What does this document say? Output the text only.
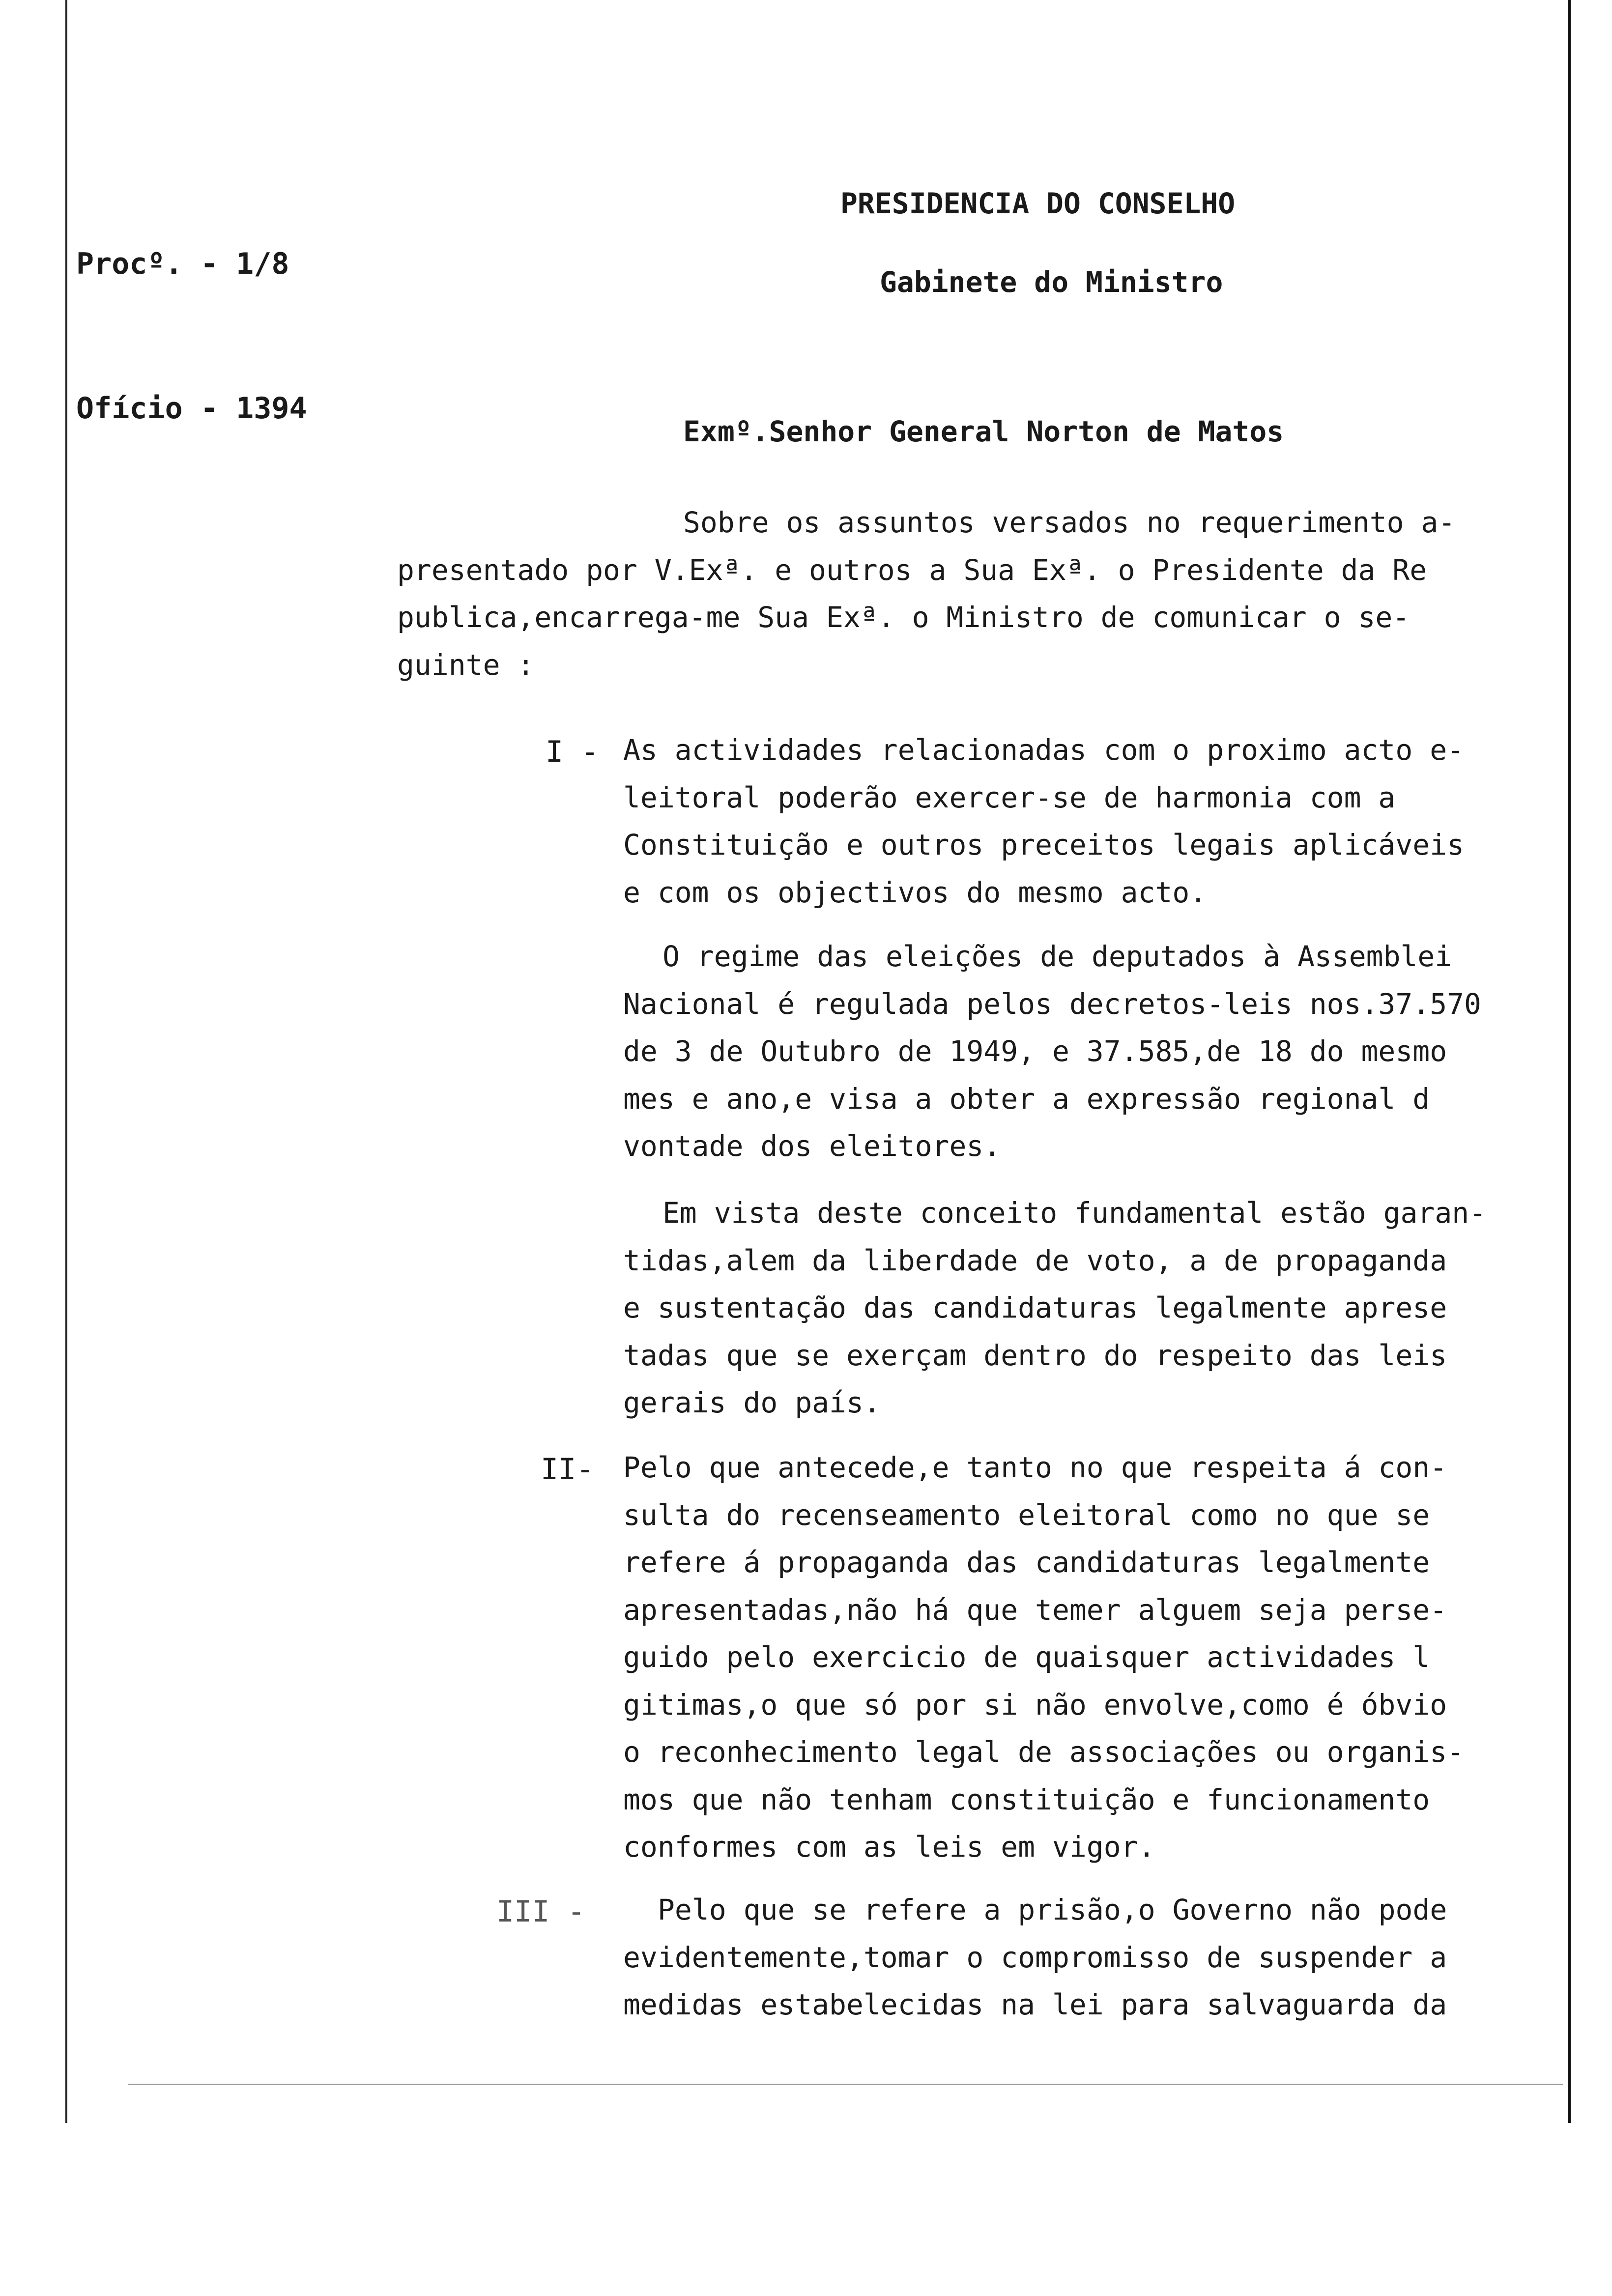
Procº. - 1/8

Ofício - 1394

PRESIDENCIA DO CONSELHO
Gabinete do Ministro
Exmº.Senhor General Norton de Matos
Sobre os assuntos versados no requerimento a-
presentado por V.Exª. e outros a Sua Exª. o Presidente da Re
publica,encarrega-me Sua Exª. o Ministro de comunicar o se-
guinte :
I - As actividades relacionadas com o proximo acto e-
leitoral poderão exercer-se de harmonia com a
Constituição e outros preceitos legais aplicáveis
e com os objectivos do mesmo acto.
O regime das eleições de deputados à Assemblei
Nacional é regulada pelos decretos-leis nos.37.570
de 3 de Outubro de 1949, e 37.585,de 18 do mesmo
mes e ano,e visa a obter a expressão regional d
vontade dos eleitores.
Em vista deste conceito fundamental estão garan-
tidas,alem da liberdade de voto, a de propaganda
e sustentação das candidaturas legalmente aprese
tadas que se exerçam dentro do respeito das leis
gerais do país.
II- Pelo que antecede,e tanto no que respeita á con-
sulta do recenseamento eleitoral como no que se
refere á propaganda das candidaturas legalmente
apresentadas,não há que temer alguem seja perse-
guido pelo exercicio de quaisquer actividades l
gitimas,o que só por si não envolve,como é óbvio
o reconhecimento legal de associações ou organis-
mos que não tenham constituição e funcionamento
conformes com as leis em vigor.
III -	Pelo que se refere a prisão,o Governo não pode
evidentemente,tomar o compromisso de suspender a
medidas estabelecidas na lei para salvaguarda da
